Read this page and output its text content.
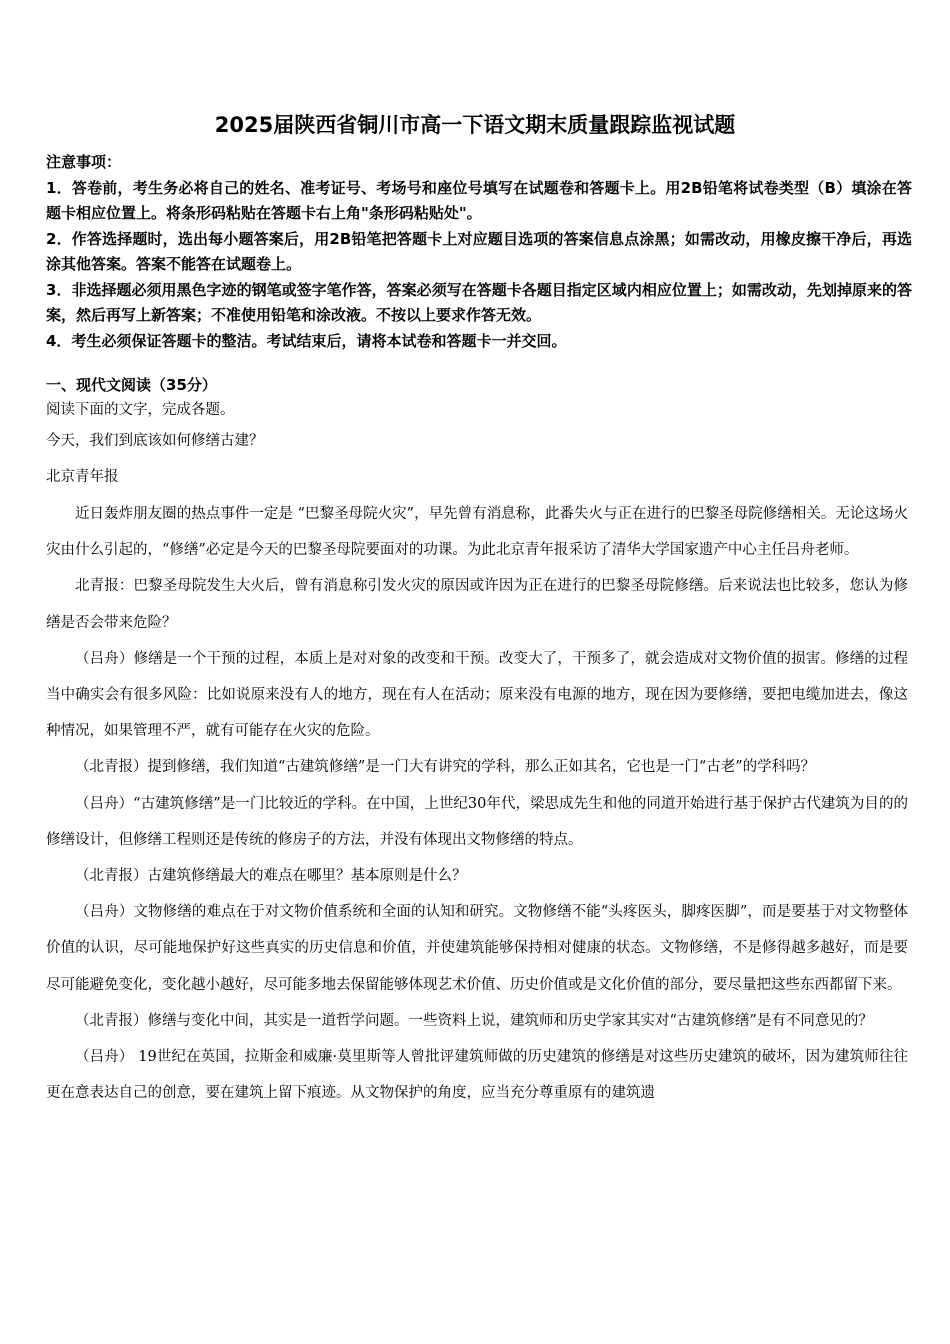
2025届陕西省铜川市高一下语文期末质量跟踪监视试题
注意事项：
1．答卷前，考生务必将自己的姓名、准考证号、考场号和座位号填写在试题卷和答题卡上。用2B铅笔将试卷类型（B）填涂在答题卡相应位置上。将条形码粘贴在答题卡右上角"条形码粘贴处"。
2．作答选择题时，选出每小题答案后，用2B铅笔把答题卡上对应题目选项的答案信息点涂黑；如需改动，用橡皮擦干净后，再选涂其他答案。答案不能答在试题卷上。
3．非选择题必须用黑色字迹的钢笔或签字笔作答，答案必须写在答题卡各题目指定区域内相应位置上；如需改动，先划掉原来的答案，然后再写上新答案；不准使用铅笔和涂改液。不按以上要求作答无效。
4．考生必须保证答题卡的整洁。考试结束后，请将本试卷和答题卡一并交回。
一、现代文阅读（35分）
阅读下面的文字，完成各题。
今天，我们到底该如何修缮古建？
北京青年报

近日轰炸朋友圈的热点事件一定是 “巴黎圣母院火灾”，早先曾有消息称，此番失火与正在进行的巴黎圣母院修缮相关。无论这场火灾由什么引起的，“修缮”必定是今天的巴黎圣母院要面对的功课。为此北京青年报采访了清华大学国家遗产中心主任吕舟老师。

北青报：巴黎圣母院发生大火后，曾有消息称引发火灾的原因或许因为正在进行的巴黎圣母院修缮。后来说法也比较多，您认为修缮是否会带来危险？

（吕舟）修缮是一个干预的过程，本质上是对对象的改变和干预。改变大了，干预多了，就会造成对文物价值的损害。修缮的过程当中确实会有很多风险：比如说原来没有人的地方，现在有人在活动；原来没有电源的地方，现在因为要修缮，要把电缆加进去，像这种情况，如果管理不严，就有可能存在火灾的危险。

（北青报）提到修缮，我们知道“古建筑修缮”是一门大有讲究的学科，那么正如其名，它也是一门“古老”的学科吗？

（吕舟）“古建筑修缮”是一门比较近的学科。在中国，上世纪30年代，梁思成先生和他的同道开始进行基于保护古代建筑为目的的修缮设计，但修缮工程则还是传统的修房子的方法，并没有体现出文物修缮的特点。

（北青报）古建筑修缮最大的难点在哪里？基本原则是什么？

（吕舟）文物修缮的难点在于对文物价值系统和全面的认知和研究。文物修缮不能“头疼医头，脚疼医脚”，而是要基于对文物整体价值的认识，尽可能地保护好这些真实的历史信息和价值，并使建筑能够保持相对健康的状态。文物修缮，不是修得越多越好，而是要尽可能避免变化，变化越小越好，尽可能多地去保留能够体现艺术价值、历史价值或是文化价值的部分，要尽量把这些东西都留下来。

（北青报）修缮与变化中间，其实是一道哲学问题。一些资料上说，建筑师和历史学家其实对“古建筑修缮”是有不同意见的？

（吕舟） 19世纪在英国，拉斯金和威廉·莫里斯等人曾批评建筑师做的历史建筑的修缮是对这些历史建筑的破坏，因为建筑师往往更在意表达自己的创意，要在建筑上留下痕迹。从文物保护的角度，应当充分尊重原有的建筑遗
